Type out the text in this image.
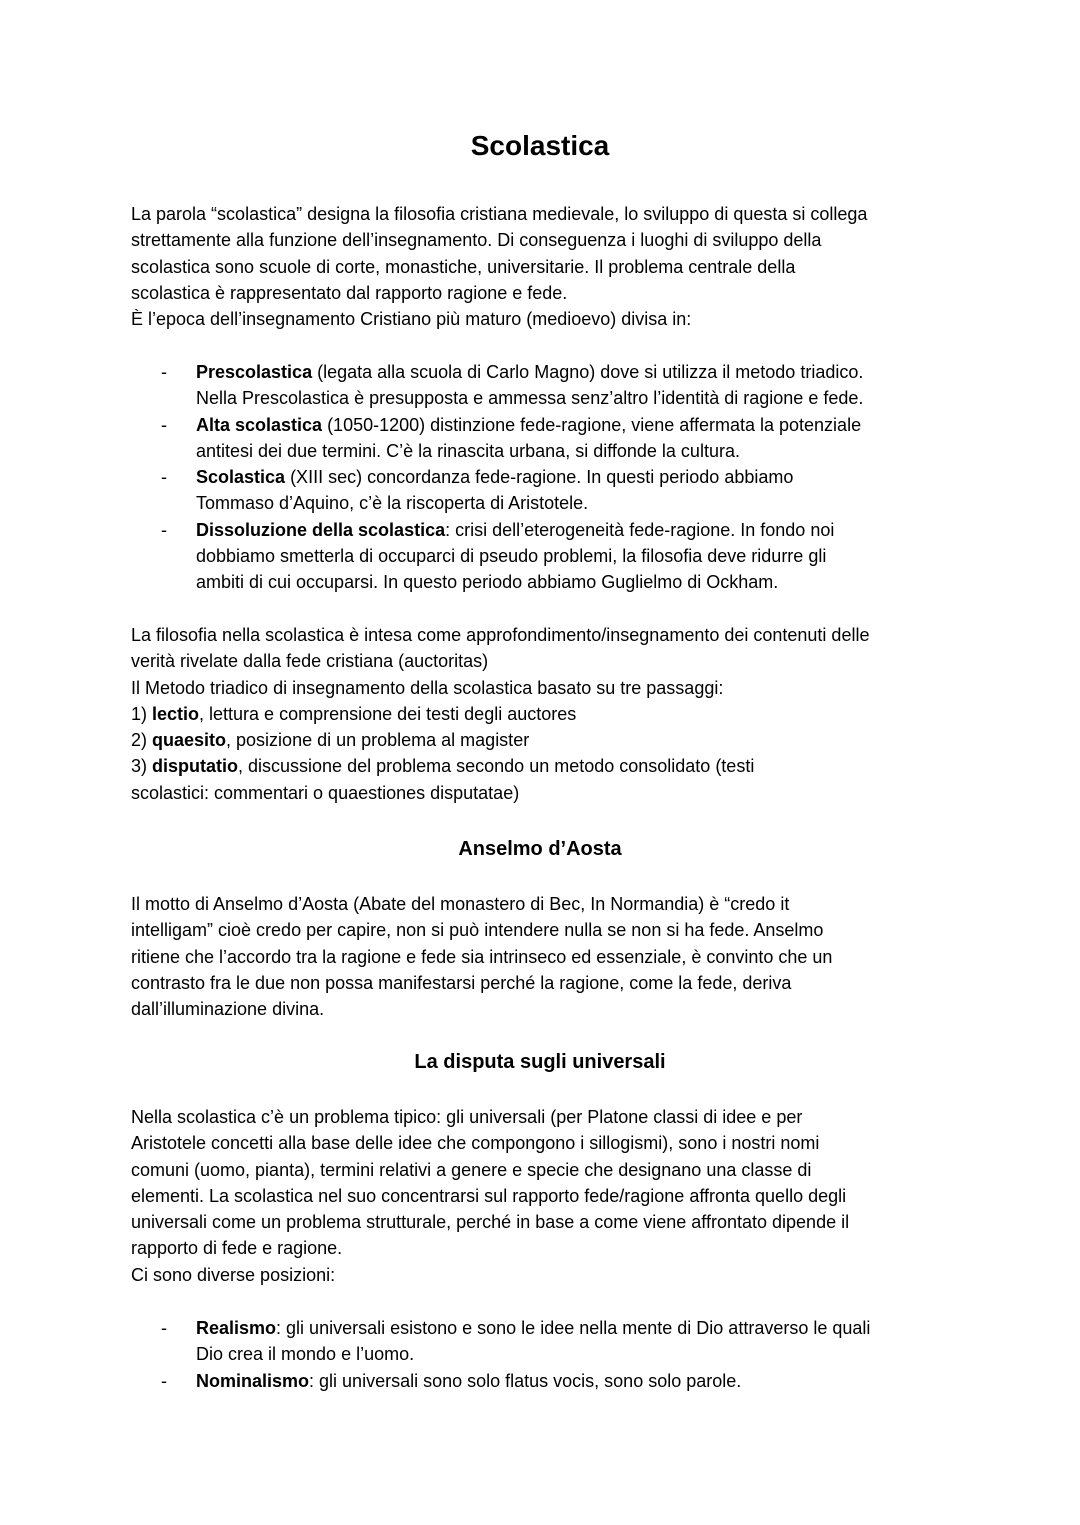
Scolastica
La parola “scolastica” designa la filosofia cristiana medievale, lo sviluppo di questa si collega
strettamente alla funzione dell’insegnamento. Di conseguenza i luoghi di sviluppo della
scolastica sono scuole di corte, monastiche, universitarie. Il problema centrale della
scolastica è rappresentato dal rapporto ragione e fede.
È l’epoca dell’insegnamento Cristiano più maturo (medioevo) divisa in:
- Prescolastica (legata alla scuola di Carlo Magno) dove si utilizza il metodo triadico.
Nella Prescolastica è presupposta e ammessa senz’altro l’identità di ragione e fede.
- Alta scolastica (1050-1200) distinzione fede-ragione, viene affermata la potenziale
antitesi dei due termini. C’è la rinascita urbana, si diffonde la cultura.
- Scolastica (XIII sec) concordanza fede-ragione. In questi periodo abbiamo
Tommaso d’Aquino, c’è la riscoperta di Aristotele.
- Dissoluzione della scolastica: crisi dell’eterogeneità fede-ragione. In fondo noi
dobbiamo smetterla di occuparci di pseudo problemi, la filosofia deve ridurre gli
ambiti di cui occuparsi. In questo periodo abbiamo Guglielmo di Ockham.
La filosofia nella scolastica è intesa come approfondimento/insegnamento dei contenuti delle
verità rivelate dalla fede cristiana (auctoritas)
Il Metodo triadico di insegnamento della scolastica basato su tre passaggi:
1) lectio, lettura e comprensione dei testi degli auctores
2) quaesito, posizione di un problema al magister
3) disputatio, discussione del problema secondo un metodo consolidato (testi
scolastici: commentari o quaestiones disputatae)
Anselmo d’Aosta
Il motto di Anselmo d’Aosta (Abate del monastero di Bec, In Normandia) è “credo it
intelligam” cioè credo per capire, non si può intendere nulla se non si ha fede. Anselmo
ritiene che l’accordo tra la ragione e fede sia intrinseco ed essenziale, è convinto che un
contrasto fra le due non possa manifestarsi perché la ragione, come la fede, deriva
dall’illuminazione divina.
La disputa sugli universali
Nella scolastica c’è un problema tipico: gli universali (per Platone classi di idee e per
Aristotele concetti alla base delle idee che compongono i sillogismi), sono i nostri nomi
comuni (uomo, pianta), termini relativi a genere e specie che designano una classe di
elementi. La scolastica nel suo concentrarsi sul rapporto fede/ragione affronta quello degli
universali come un problema strutturale, perché in base a come viene affrontato dipende il
rapporto di fede e ragione.
Ci sono diverse posizioni:
- Realismo: gli universali esistono e sono le idee nella mente di Dio attraverso le quali
Dio crea il mondo e l’uomo.
- Nominalismo: gli universali sono solo flatus vocis, sono solo parole.
